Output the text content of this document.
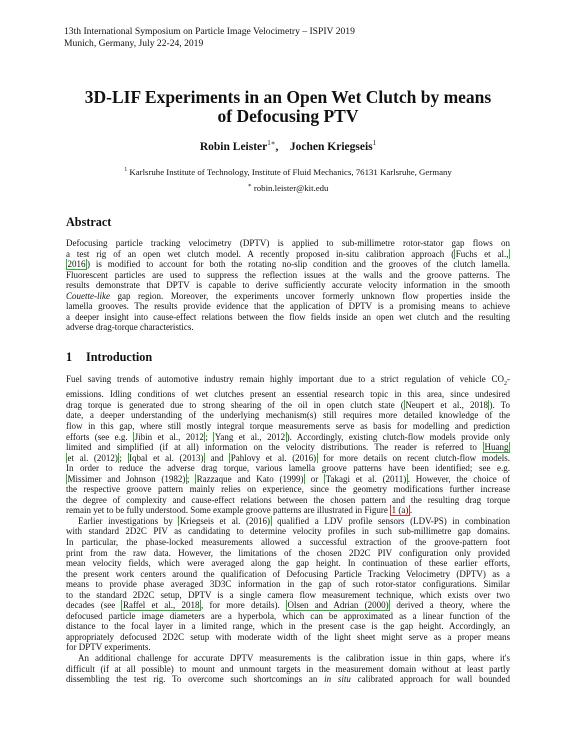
13th International Symposium on Particle Image Velocimetry – ISPIV 2019
Munich, Germany, July 22-24, 2019
3D-LIF Experiments in an Open Wet Clutch by means
of Defocusing PTV
Robin Leister$^{1∗}$,    Jochen Kriegseis$^1$
$^1$ Karlsruhe Institute of Technology, Institute of Fluid Mechanics, 76131 Karlsruhe, Germany
∗ robin.leister@kit.edu
Abstract

Defocusing particle tracking velocimetry (DPTV) is applied to sub-millimetre rotor-stator gap flows on
a test rig of an open wet clutch model. A recently proposed in-situ calibration approach ( Fuchs et al.,
2016 ) is modified to account for both the rotating no-slip condition and the grooves of the clutch lamella.
Fluorescent particles are used to suppress the reflection issues at the walls and the groove patterns. The
results demonstrate that DPTV is capable to derive sufficiently accurate velocity information in the smooth
Couette-like gap region. Moreover, the experiments uncover formerly unknown flow properties inside the
lamella grooves. The results provide evidence that the application of DPTV is a promising means to achieve
a deeper insight into cause-effect relations between the flow fields inside an open wet clutch and the resulting
adverse drag-torque characteristics.

1 Introduction
Fuel saving trends of automotive industry remain highly important due to a strict regulation of vehicle $CO_2-$
emissions. Idling conditions of wet clutches present an essential research topic in this area, since undesired
drag torque is generated due to strong shearing of the oil in open clutch state ( Neupert et al., 2018 ). To
date, a deeper understanding of the underlying mechanism(s) still requires more detailed knowledge of the
flow in this gap, where still mostly integral torque measurements serve as basis for modelling and prediction
efforts (see e.g. Jibin et al., 2012 ; Yang et al., 2012 ). Accordingly, existing clutch-flow models provide only
limited and simplified (if at all) information on the velocity distributions. The reader is referred to Huang
et al. (2012) ; Iqbal et al. (2013) and Pahlovy et al. (2016) for more details on recent clutch-flow models.
In order to reduce the adverse drag torque, various lamella groove patterns have been identified; see e.g.
Missimer and Johnson (1982) ; Razzaque and Kato (1999) or Takagi et al. (2011) . However, the choice of
the respective groove pattern mainly relies on experience, since the geometry modifications further increase
the degree of complexity and cause-effect relations between the chosen pattern and the resulting drag torque
remain yet to be fully understood. Some example groove patterns are illustrated in Figure 1 (a) .
Earlier investigations by Kriegseis et al. (2016) qualified a LDV profile sensors (LDV-PS) in combination
with standard 2D2C PIV as candidating to determine velocity profiles in such sub-millimetre gap domains.
In particular, the phase-locked measurements allowed a successful extraction of the groove-pattern foot
print from the raw data. However, the limitations of the chosen 2D2C PIV configuration only provided
mean velocity fields, which were averaged along the gap height. In continuation of these earlier efforts,
the present work centers around the qualification of Defocusing Particle Tracking Velocimetry (DPTV) as a
means to provide phase averaged 3D3C information in the gap of such rotor-stator configurations. Similar
to the standard 2D2C setup, DPTV is a single camera flow measurement technique, which exists over two
decades (see Raffel et al., 2018 , for more details). Olsen and Adrian (2000) derived a theory, where the
defocused particle image diameters are a hyperbola, which can be approximated as a linear function of the
distance to the focal layer in a limited range, which in the present case is the gap height. Accordingly, an
appropriately defocused 2D2C setup with moderate width of the light sheet might serve as a proper means
for DPTV experiments.
An additional challenge for accurate DPTV measurements is the calibration issue in thin gaps, where it's
difficult (if at all possible) to mount and unmount targets in the measurement domain without at least partly
dissembling the test rig. To overcome such shortcomings an in situ calibrated approach for wall bounded
